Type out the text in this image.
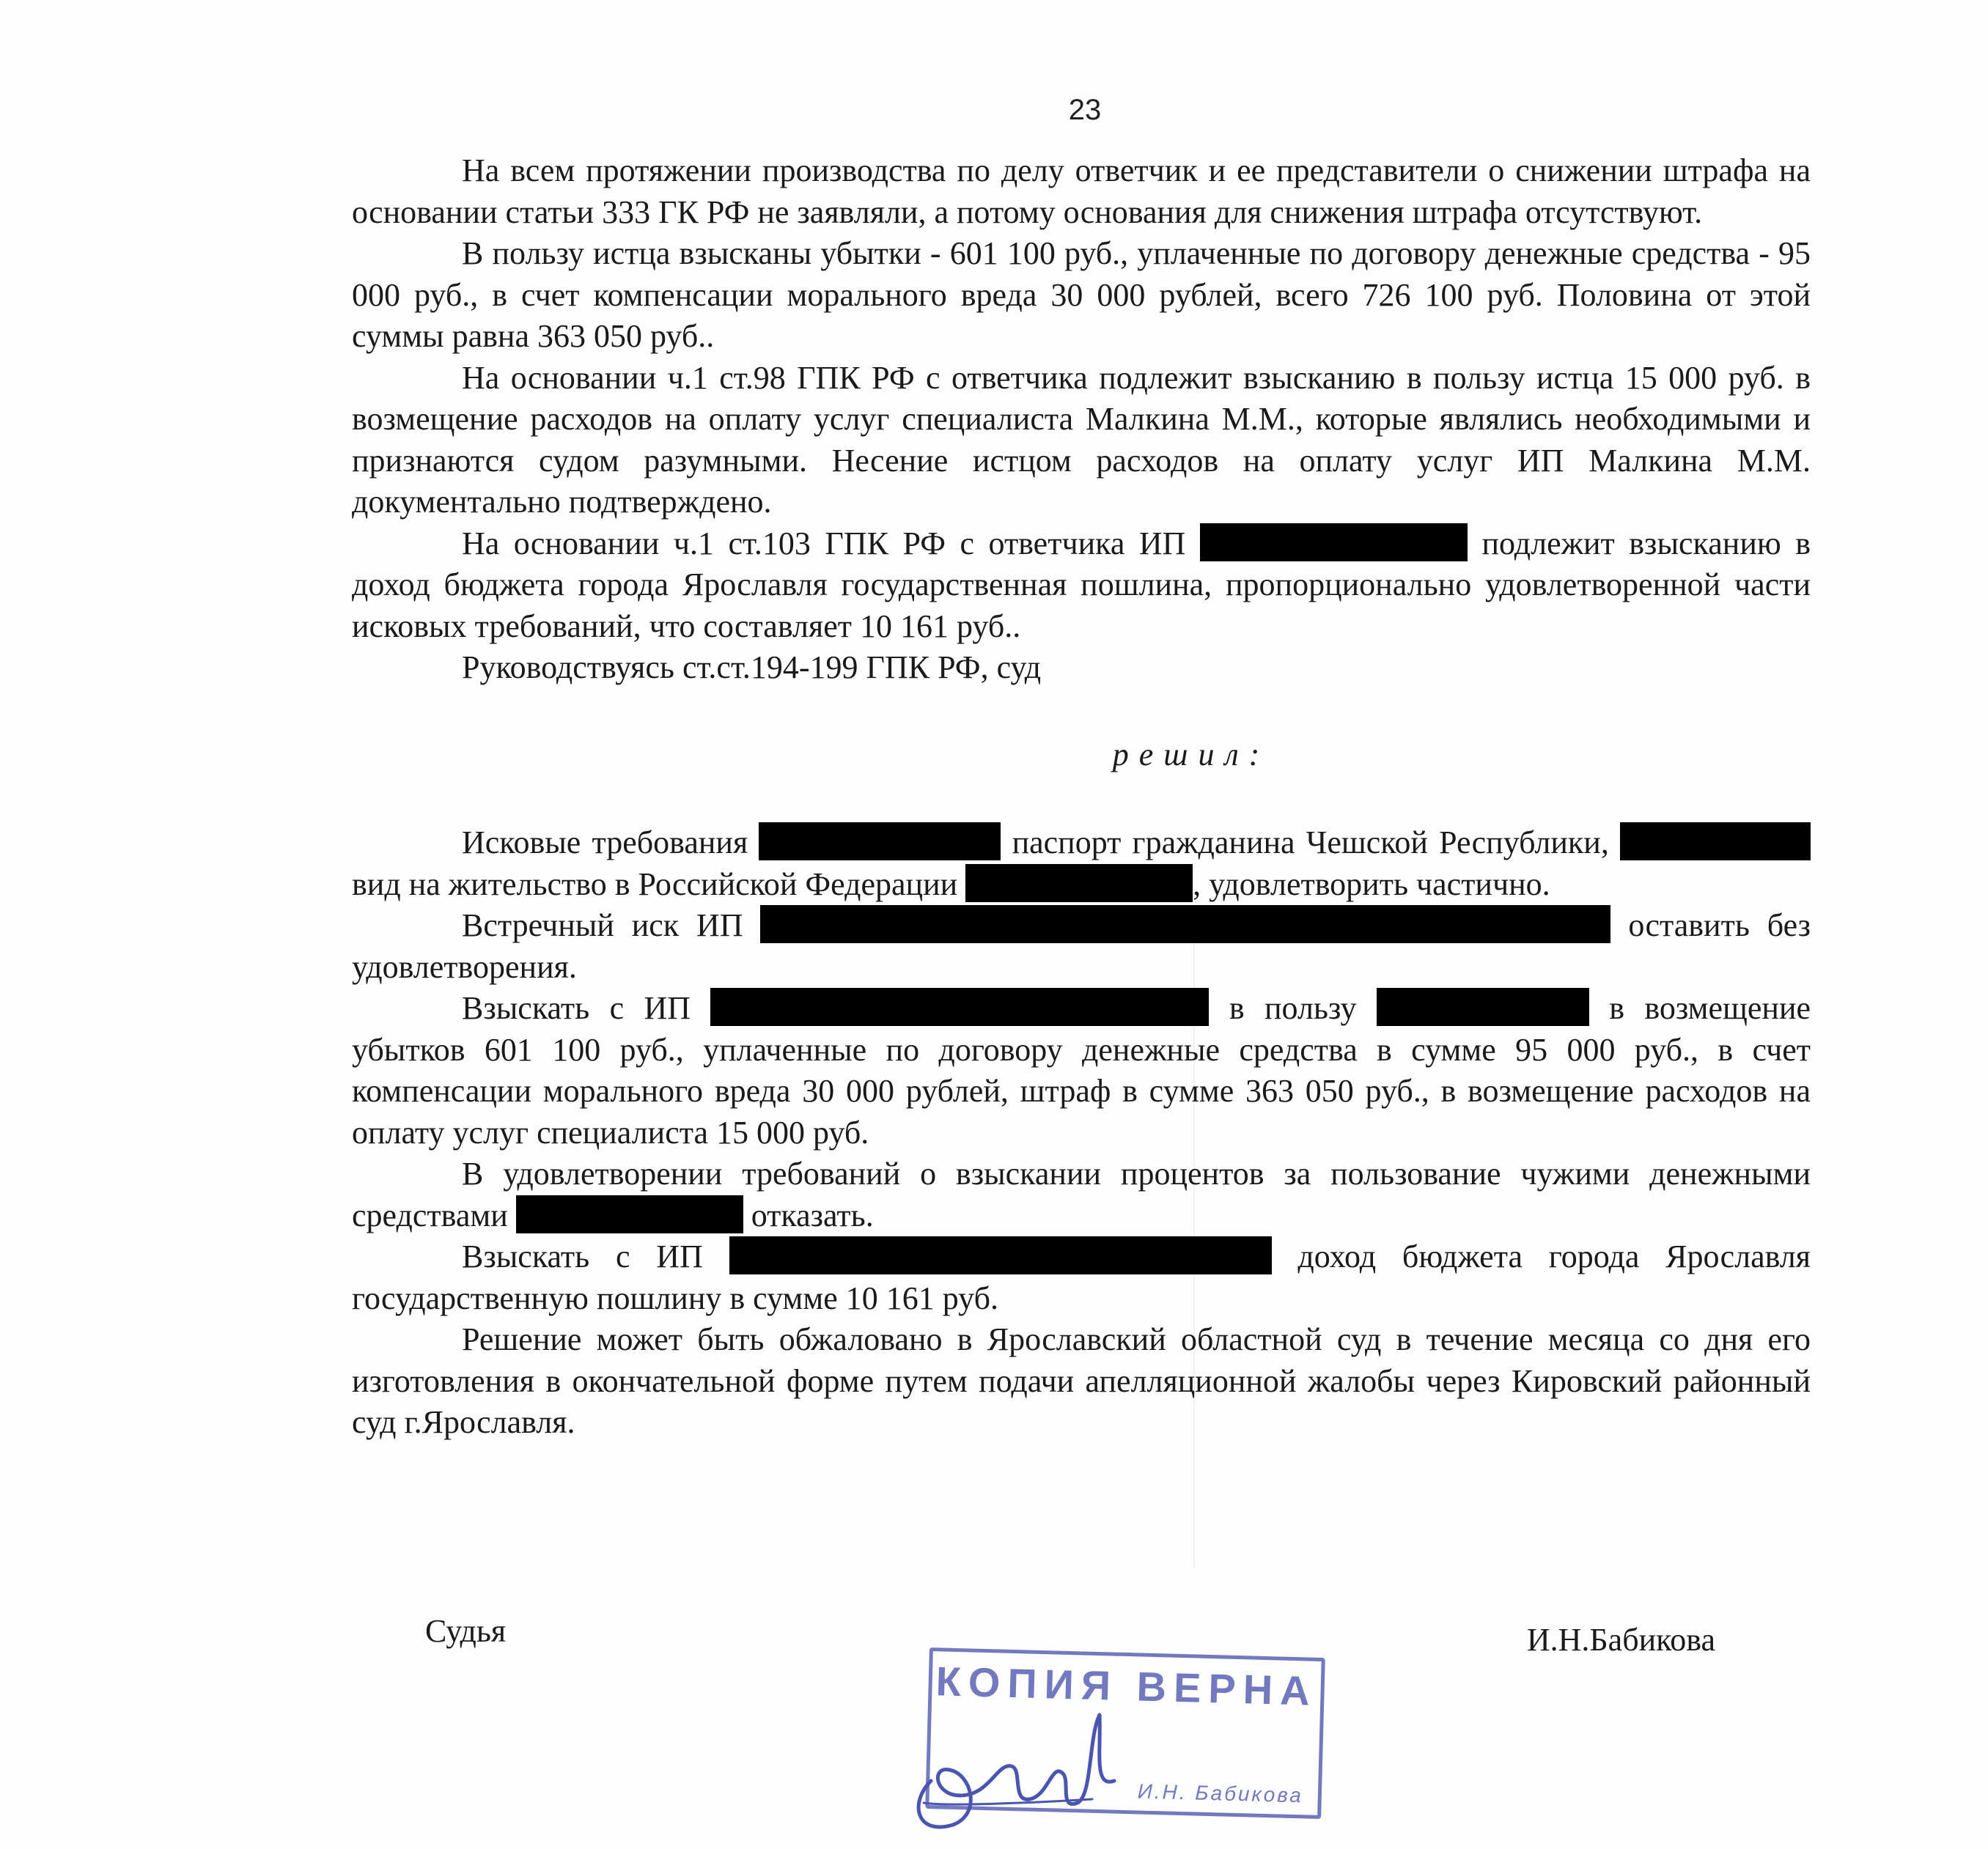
23

На всем протяжении производства по делу ответчик и ее представители о снижении штрафа на основании статьи 333 ГК РФ не заявляли, а потому основания для снижения штрафа отсутствуют.

В пользу истца взысканы убытки - 601 100 руб., уплаченные по договору денежные средства - 95 000 руб., в счет компенсации морального вреда 30 000 рублей, всего 726 100 руб. Половина от этой суммы равна 363 050 руб..

На основании ч.1 ст.98 ГПК РФ с ответчика подлежит взысканию в пользу истца 15 000 руб. в возмещение расходов на оплату услуг специалиста Малкина М.М., которые являлись необходимыми и признаются судом разумными. Несение истцом расходов на оплату услуг ИП Малкина М.М. документально подтверждено.

На основании ч.1 ст.103 ГПК РФ с ответчика ИП	подлежит взысканию в доход бюджета города Ярославля государственная пошлина, пропорционально удовлетворенной части исковых требований, что составляет 10 161 руб..

Руководствуясь ст.ст.194-199 ГПК РФ, суд

решил:

Исковые требования	паспорт гражданина Чешской Республики,  вид на жительство в Российской Федерации	, удовлетворить частично.

Встречный иск ИП	оставить без удовлетворения.

Взыскать с ИП	в пользу	в возмещение убытков 601 100 руб., уплаченные по договору денежные средства в сумме 95 000 руб., в счет компенсации морального вреда 30 000 рублей, штраф в сумме 363 050 руб., в возмещение расходов на оплату услуг специалиста 15 000 руб.

В удовлетворении требований о взыскании процентов за пользование чужими денежными средствами	отказать.

Взыскать с ИП	доход бюджета города Ярославля государственную пошлину в сумме 10 161 руб.

Решение может быть обжаловано в Ярославский областной суд в течение месяца со дня его изготовления в окончательной форме путем подачи апелляционной жалобы через Кировский районный суд г.Ярославля.

Судья	И.Н.Бабикова
КОПИЯ ВЕРНА
И.Н. Бабикова
